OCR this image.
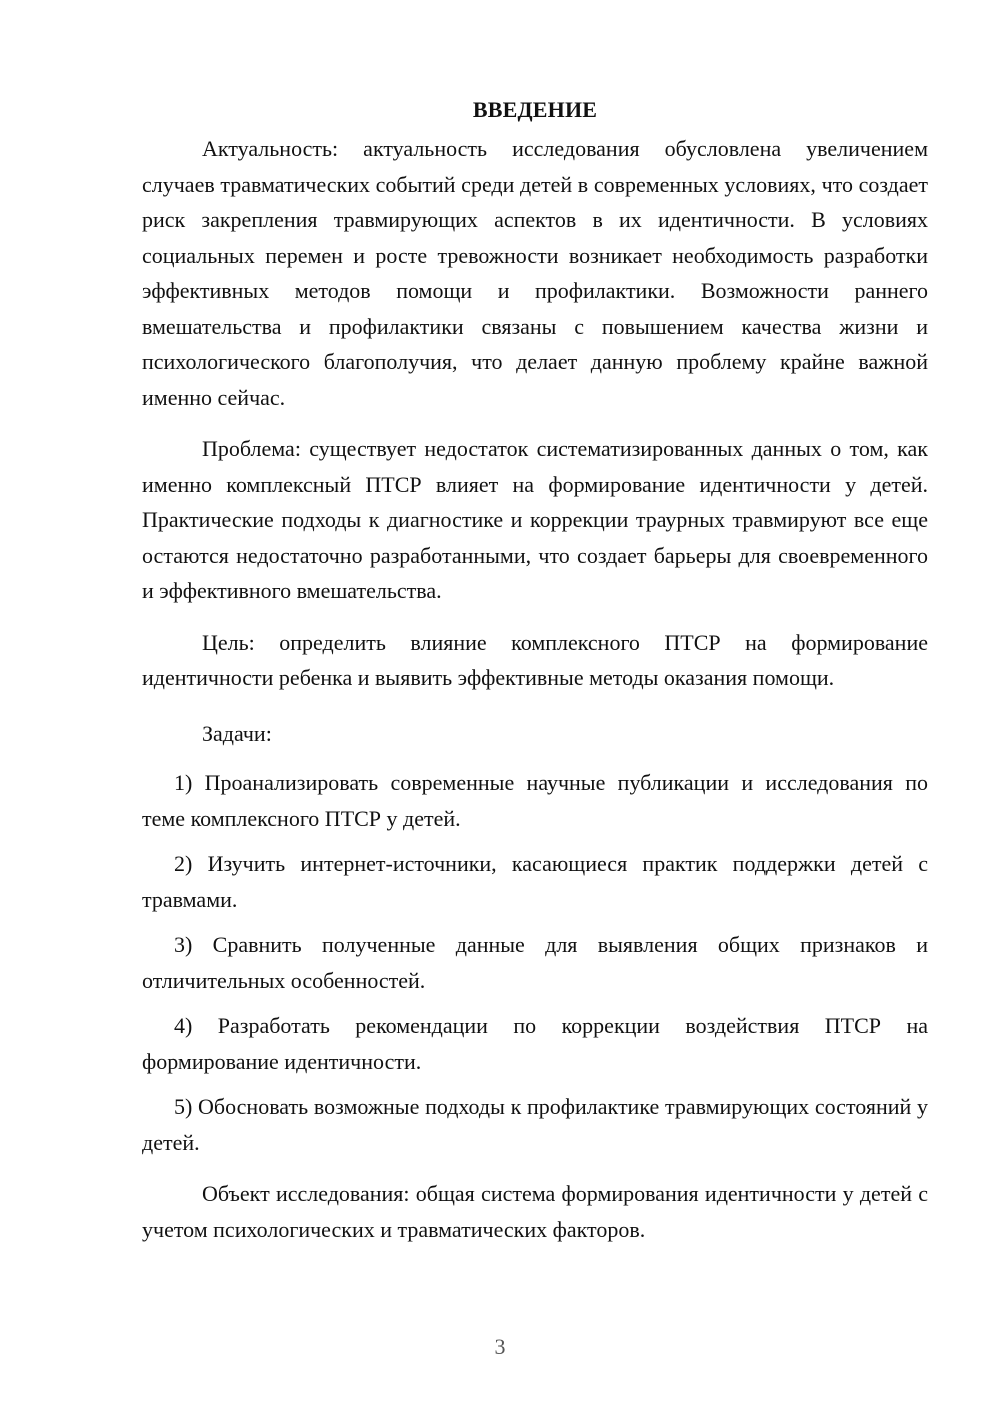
ВВЕДЕНИЕ

Актуальность: актуальность исследования обусловлена увеличением случаев травматических событий среди детей в современных условиях, что создает риск закрепления травмирующих аспектов в их идентичности. В условиях социальных перемен и росте тревожности возникает необходимость разработки эффективных методов помощи и профилактики. Возможности раннего вмешательства и профилактики связаны с повышением качества жизни и психологического благополучия, что делает данную проблему крайне важной именно сейчас.

Проблема: существует недостаток систематизированных данных о том, как именно комплексный ПТСР влияет на формирование идентичности у детей. Практические подходы к диагностике и коррекции траурных травмируют все еще остаются недостаточно разработанными, что создает барьеры для своевременного и эффективного вмешательства.

Цель: определить влияние комплексного ПТСР на формирование идентичности ребенка и выявить эффективные методы оказания помощи.

Задачи:

1) Проанализировать современные научные публикации и исследования по теме комплексного ПТСР у детей.

2) Изучить интернет-источники, касающиеся практик поддержки детей с травмами.

3) Сравнить полученные данные для выявления общих признаков и отличительных особенностей.

4) Разработать рекомендации по коррекции воздействия ПТСР на формирование идентичности.

5) Обосновать возможные подходы к профилактике травмирующих состояний у детей.

Объект исследования: общая система формирования идентичности у детей с учетом психологических и травматических факторов.

3
